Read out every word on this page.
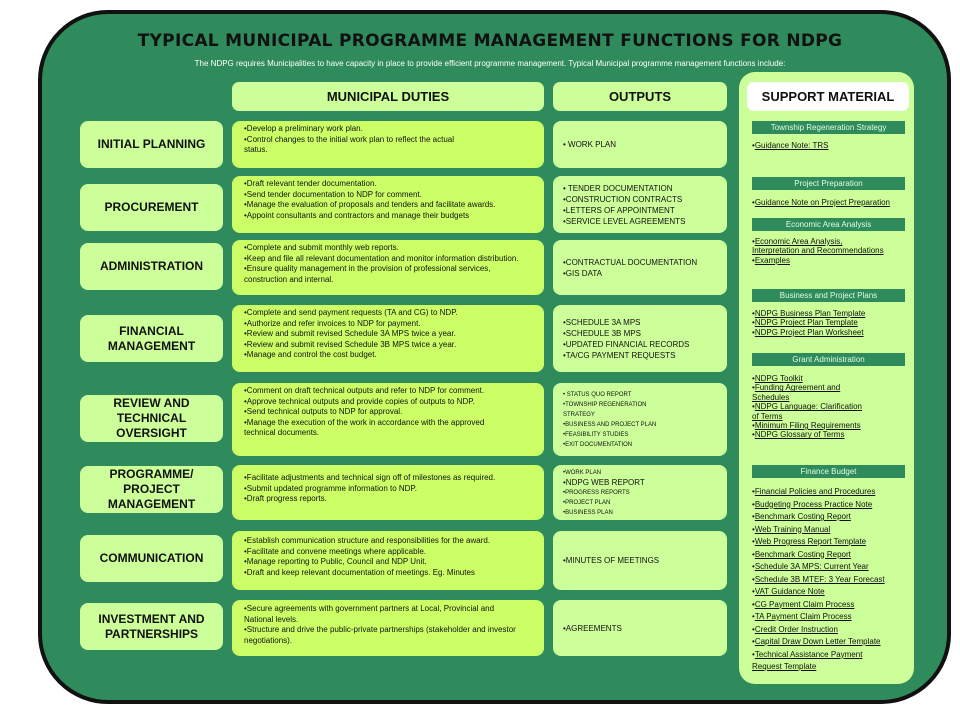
TYPICAL MUNICIPAL PROGRAMME MANAGEMENT FUNCTIONS FOR NDPG
The NDPG requires Municipalities to have capacity in place to provide efficient programme management. Typical Municipal programme management functions include:
MUNICIPAL DUTIES	OUTPUTS	SUPPORT MATERIAL
INITIAL PLANNING
•Develop a preliminary work plan.
•Control changes to the initial work plan to reflect the actual
status.
• WORK PLAN
PROCUREMENT
•Draft relevant tender documentation.
•Send tender documentation to NDP for comment.
•Manage the evaluation of proposals and tenders and facilitate awards.
•Appoint consultants and contractors and manage their budgets
• TENDER DOCUMENTATION
•CONSTRUCTION CONTRACTS
•LETTERS OF APPOINTMENT
•SERVICE LEVEL AGREEMENTS
ADMINISTRATION
•Complete and submit monthly web reports.
•Keep and file all relevant documentation and monitor information distribution.
•Ensure quality management in the provision of professional services,
construction and internal.
•CONTRACTUAL DOCUMENTATION
•GIS DATA
FINANCIAL MANAGEMENT
•Complete and send payment requests (TA and CG) to NDP.
•Authorize and refer invoices to NDP for payment.
•Review and submit revised Schedule 3A MPS twice a year.
•Review and submit revised Schedule 3B MPS twice a year.
•Manage and control the cost budget.
•SCHEDULE 3A MPS
•SCHEDULE 3B MPS
•UPDATED FINANCIAL RECORDS
•TA/CG PAYMENT REQUESTS
REVIEW AND TECHNICAL OVERSIGHT
•Comment on draft technical outputs and refer to NDP for comment.
•Approve technical outputs and provide copies of outputs to NDP.
•Send technical outputs to NDP for approval.
•Manage the execution of the work in accordance with the approved
technical documents.
• STATUS QUO REPORT
•TOWNSHIP REGENERATION
STRATEGY
•BUSINESS AND PROJECT PLAN
•FEASIBILITY STUDIES
•EXIT DOCUMENTATION
PROGRAMME/ PROJECT MANAGEMENT
•Facilitate adjustments and technical sign off of milestones as required.
•Submit updated programme information to NDP.
•Draft progress reports.
•WORK PLAN
•NDPG WEB REPORT
•PROGRESS REPORTS
•PROJECT PLAN
•BUSINESS PLAN
COMMUNICATION
•Establish communication structure and responsibilities for the award.
•Facilitate and convene meetings where applicable.
•Manage reporting to Public, Council and NDP Unit.
•Draft and keep relevant documentation of meetings. Eg. Minutes
•MINUTES OF MEETINGS
INVESTMENT AND PARTNERSHIPS
•Secure agreements with government partners at Local, Provincial and
National levels.
•Structure and drive the public-private partnerships (stakeholder and investor
negotiations).
•AGREEMENTS
Township Regeneration Strategy
•Guidance Note: TRS
Project Preparation
•Guidance Note on Project Preparation
Economic Area Analysis
•Economic Area Analysis,
Interpretation and Recommendations
•Examples
Business and Project Plans
•NDPG Business Plan Template
•NDPG Project Plan Template
•NDPG Project Plan Worksheet
Grant Administration
•NDPG Toolkit
•Funding Agreement and
Schedules
•NDPG Language: Clarification
of Terms
•Minimum Filing Requirements
•NDPG Glossary of Terms
Finance Budget
•Financial Policies and Procedures
•Budgeting Process Practice Note
•Benchmark Costing Report
•Web Training Manual
•Web Progress Report Template
•Benchmark Costing Report
•Schedule 3A MPS: Current Year
•Schedule 3B MTEF: 3 Year Forecast
•VAT Guidance Note
•CG Payment Claim Process
•TA Payment Claim Process
•Credit Order Instruction
•Capital Draw Down Letter Template
•Technical Assistance Payment
Request Template
